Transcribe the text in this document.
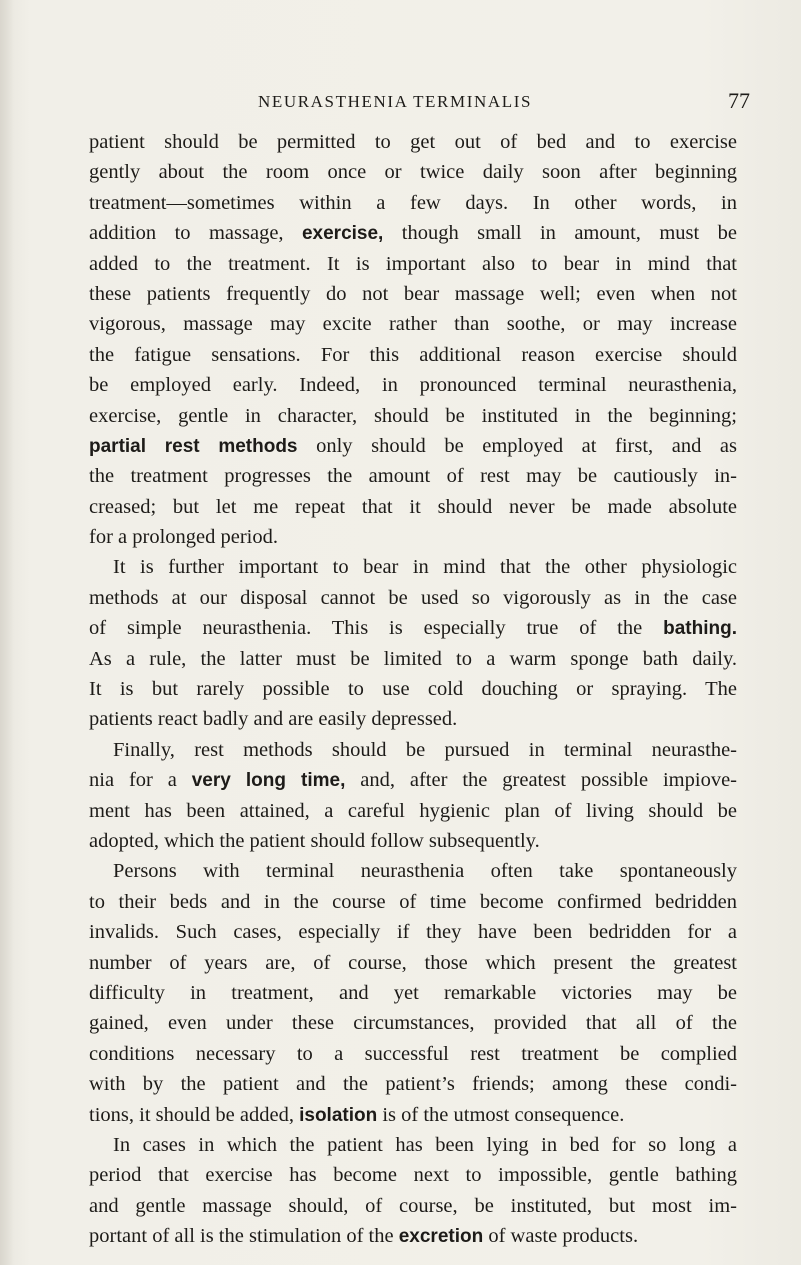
NEURASTHENIA TERMINALIS	77
patient should be permitted to get out of bed and to exercise
gently about the room once or twice daily soon after beginning
treatment—sometimes within a few days. In other words, in
addition to massage, exercise, though small in amount, must be
added to the treatment. It is important also to bear in mind that
these patients frequently do not bear massage well; even when not
vigorous, massage may excite rather than soothe, or may increase
the fatigue sensations. For this additional reason exercise should
be employed early. Indeed, in pronounced terminal neurasthenia,
exercise, gentle in character, should be instituted in the beginning;
partial rest methods only should be employed at first, and as
the treatment progresses the amount of rest may be cautiously in-
creased; but let me repeat that it should never be made absolute
for a prolonged period.
It is further important to bear in mind that the other physiologic
methods at our disposal cannot be used so vigorously as in the case
of simple neurasthenia. This is especially true of the bathing.
As a rule, the latter must be limited to a warm sponge bath daily.
It is but rarely possible to use cold douching or spraying. The
patients react badly and are easily depressed.
Finally, rest methods should be pursued in terminal neurasthe-
nia for a very long time, and, after the greatest possible impiove-
ment has been attained, a careful hygienic plan of living should be
adopted, which the patient should follow subsequently.
Persons with terminal neurasthenia often take spontaneously
to their beds and in the course of time become confirmed bedridden
invalids. Such cases, especially if they have been bedridden for a
number of years are, of course, those which present the greatest
difficulty in treatment, and yet remarkable victories may be
gained, even under these circumstances, provided that all of the
conditions necessary to a successful rest treatment be complied
with by the patient and the patient’s friends; among these condi-
tions, it should be added, isolation is of the utmost consequence.
In cases in which the patient has been lying in bed for so long a
period that exercise has become next to impossible, gentle bathing
and gentle massage should, of course, be instituted, but most im-
portant of all is the stimulation of the excretion of waste products.
